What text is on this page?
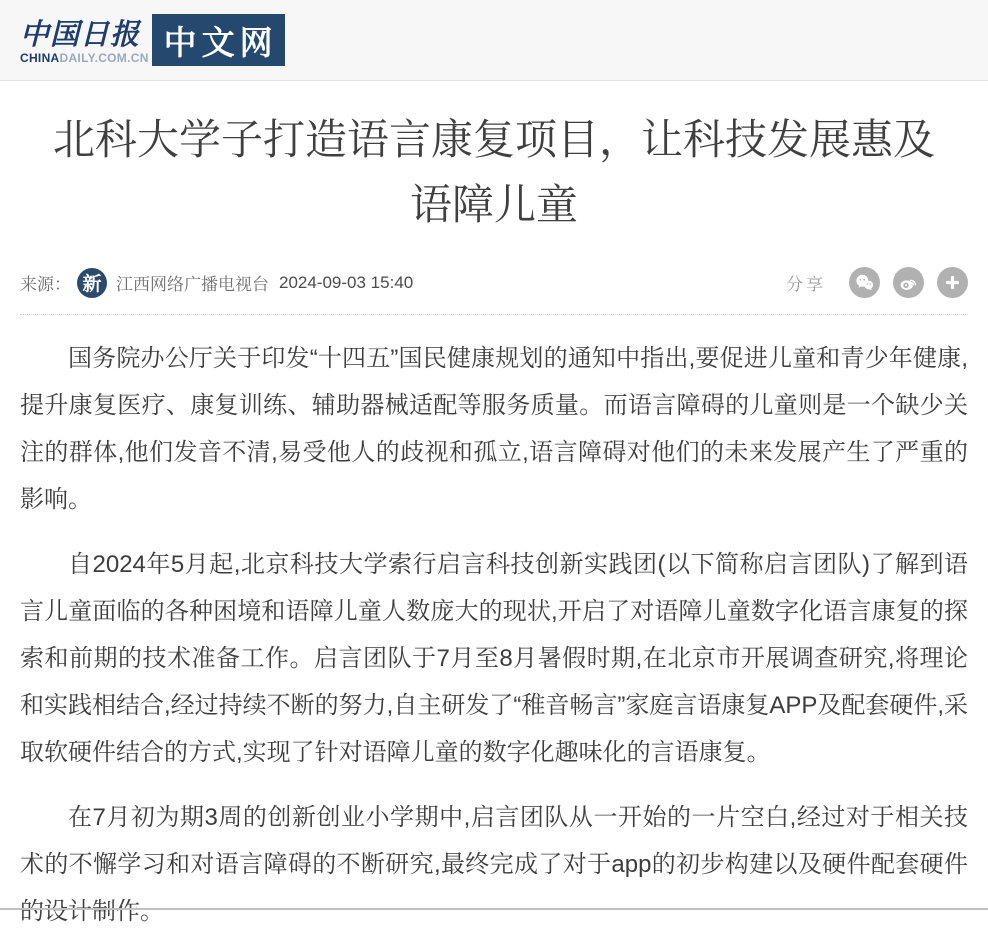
中国日报
CHINADAILY.COM.CN 中文网
北科大学子打造语言康复项目，让科技发展惠及语障儿童
来源： 新 江西网络广播电视台 2024-09-03 15:40	分享

国务院办公厅关于印发“十四五”国民健康规划的通知中指出,要促进儿童和青少年健康,提升康复医疗、康复训练、辅助器械适配等服务质量。而语言障碍的儿童则是一个缺少关注的群体,他们发音不清,易受他人的歧视和孤立,语言障碍对他们的未来发展产生了严重的影响。

自2024年5月起,北京科技大学索行启言科技创新实践团(以下简称启言团队)了解到语言儿童面临的各种困境和语障儿童人数庞大的现状,开启了对语障儿童数字化语言康复的探索和前期的技术准备工作。启言团队于7月至8月暑假时期,在北京市开展调查研究,将理论和实践相结合,经过持续不断的努力,自主研发了“稚音畅言”家庭言语康复APP及配套硬件,采取软硬件结合的方式,实现了针对语障儿童的数字化趣味化的言语康复。

在7月初为期3周的创新创业小学期中,启言团队从一开始的一片空白,经过对于相关技术的不懈学习和对语言障碍的不断研究,最终完成了对于app的初步构建以及硬件配套硬件的设计制作。
